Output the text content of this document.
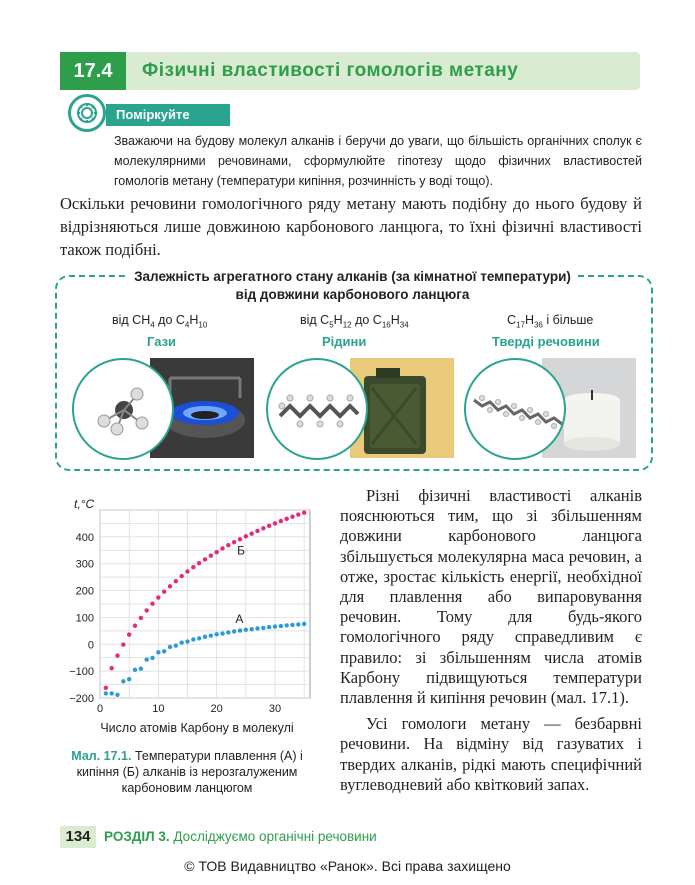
17.4	Фізичні властивості гомологів метану
Поміркуйте
Зважаючи на будову молекул алканів і беручи до уваги, що більшість органічних сполук є молекулярними речовинами, сформулюйте гіпотезу щодо фізичних властивостей гомологів метану (температури кипіння, розчинність у воді тощо).
Оскільки речовини гомологічного ряду метану мають подібну до нього будову й відрізняються лише довжиною карбонового ланцюга, то їхні фізичні властивості також подібні.
Залежність агрегатного стану алканів (за кімнатної температури)
від довжини карбонового ланцюга
від $CH_4$ до $C_4H_{10}$
Гази
від $C_5H_{12}$ до $C_{16}H_{34}$
Рідини
$C_{17}H_{36}$ і більше
Тверді речовини
400
300
200
100
0
−100
−200
0	10	20	30
t,°C
Число атомів Карбону в молекулі
Б
А
Мал. 17.1. Температури плавлення (А) і кипіння (Б) алканів із нерозгалуженим карбоновим ланцюгом

Різні фізичні властивості алканів пояснюються тим, що зі збільшенням довжини карбонового ланцюга збільшується молекулярна маса речовин, а отже, зростає кількість енергії, необхідної для плавлення або випаровування речовин. Тому для будь-якого гомологічного ряду справедливим є правило: зі збільшенням числа атомів Карбону підвищуються температури плавлення й кипіння речовин (мал. 17.1).

Усі гомологи метану — безбарвні речовини. На відміну від газуватих і твердих алканів, рідкі мають специфічний вуглеводневий або квітковий запах.

134 РОЗДІЛ 3. Досліджуємо органічні речовини
© ТОВ Видавництво «Ранок». Всі права захищено
